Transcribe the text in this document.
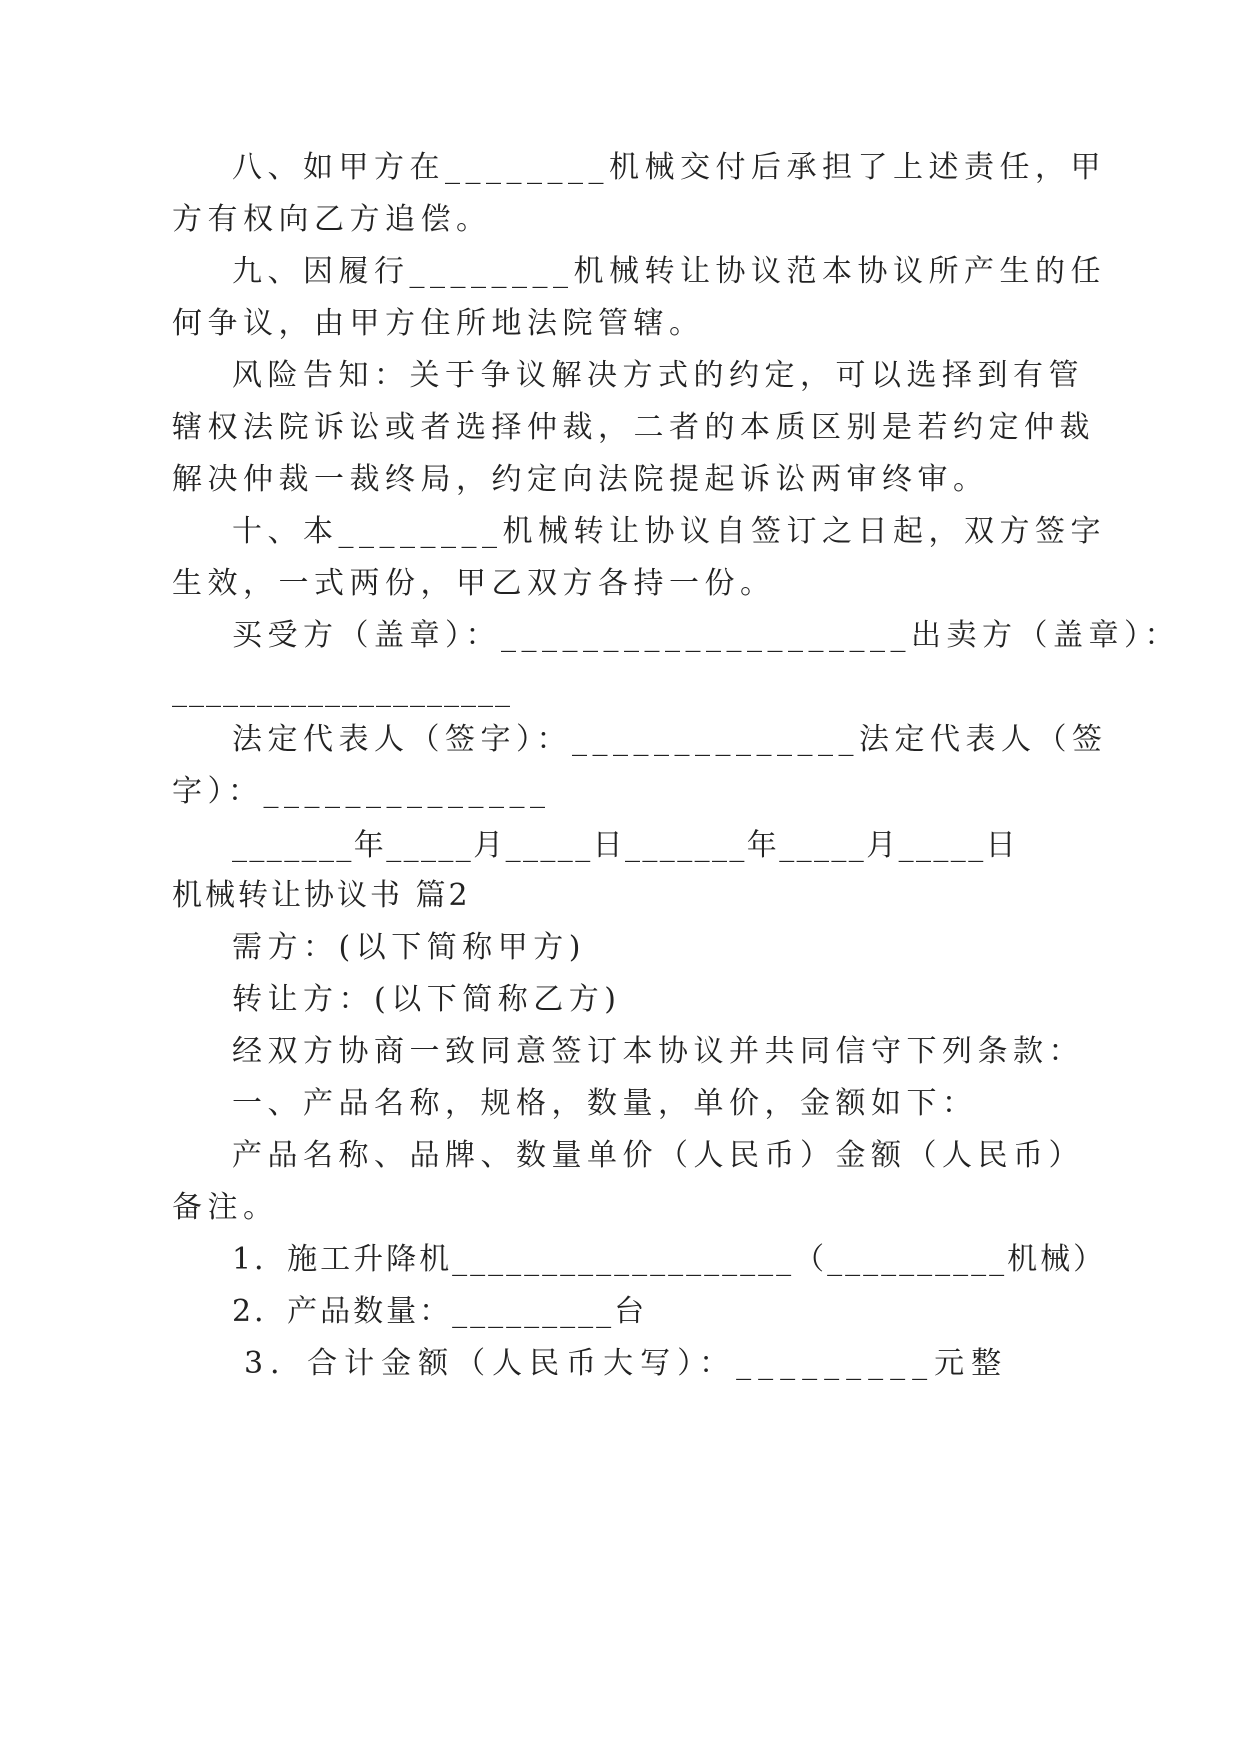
八、如甲方在________机械交付后承担了上述责任，甲
方有权向乙方追偿。
九、因履行________机械转让协议范本协议所产生的任
何争议，由甲方住所地法院管辖。
风险告知：关于争议解决方式的约定，可以选择到有管
辖权法院诉讼或者选择仲裁，二者的本质区别是若约定仲裁
解决仲裁一裁终局，约定向法院提起诉讼两审终审。
十、本________机械转让协议自签订之日起，双方签字
生效，一式两份，甲乙双方各持一份。
买受方（盖章）：____________________出卖方（盖章）：
____________________
法定代表人（签字）：______________法定代表人（签
字）：______________
_______年_____月_____日_______年_____月_____日
机械转让协议书 篇2
需方：(以下简称甲方)
转让方：(以下简称乙方)
经双方协商一致同意签订本协议并共同信守下列条款：
一、产品名称，规格，数量，单价，金额如下：
产品名称、品牌、数量单价（人民币）金额（人民币）
备注。
1．施工升降机___________________（__________机械）
2．产品数量：_________台
3．合计金额（人民币大写）：_________元整
